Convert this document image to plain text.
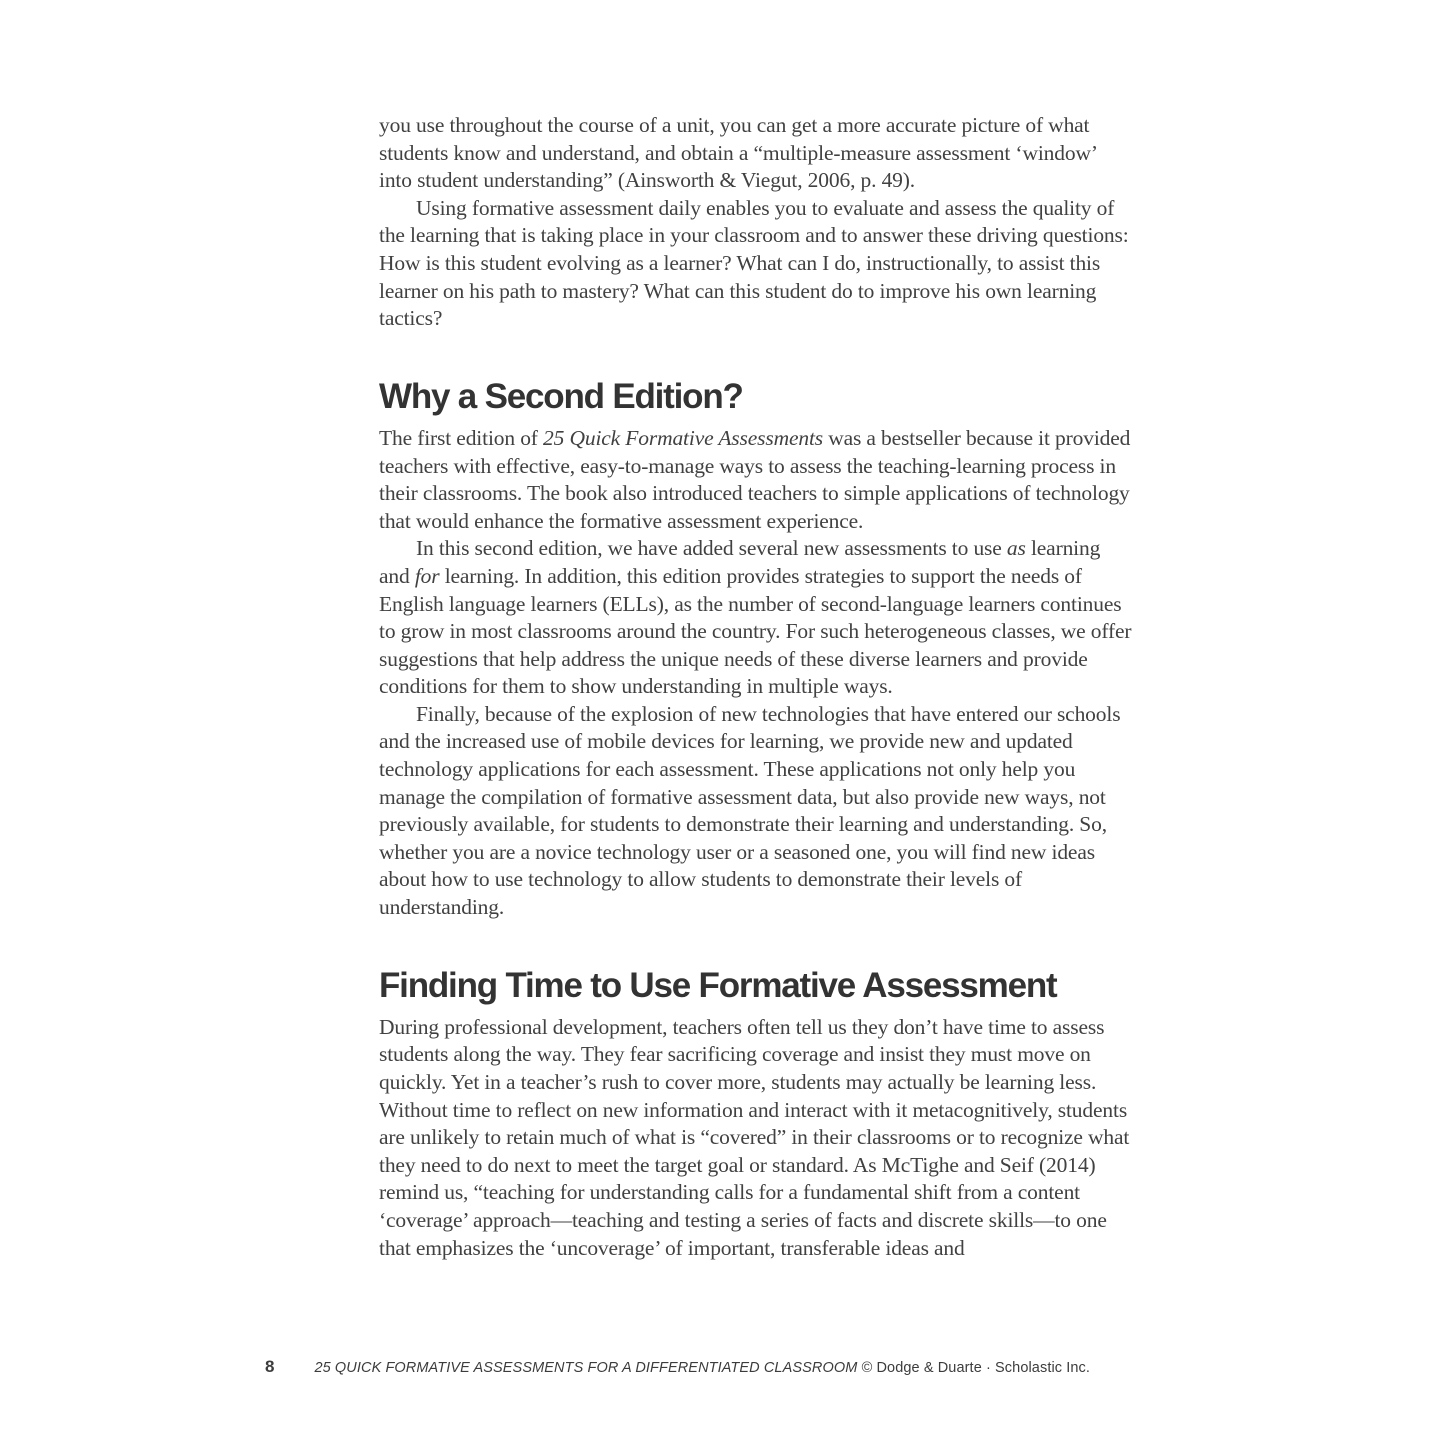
you use throughout the course of a unit, you can get a more accurate picture of what students know and understand, and obtain a “multiple-measure assessment ‘window’ into student understanding” (Ainsworth & Viegut, 2006, p. 49).

Using formative assessment daily enables you to evaluate and assess the quality of the learning that is taking place in your classroom and to answer these driving questions: How is this student evolving as a learner? What can I do, instructionally, to assist this learner on his path to mastery? What can this student do to improve his own learning tactics?

Why a Second Edition?

The first edition of 25 Quick Formative Assessments was a bestseller because it provided teachers with effective, easy-to-manage ways to assess the teaching-learning process in their classrooms. The book also introduced teachers to simple applications of technology that would enhance the formative assessment experience.

In this second edition, we have added several new assessments to use as learning and for learning. In addition, this edition provides strategies to support the needs of English language learners (ELLs), as the number of second-language learners continues to grow in most classrooms around the country. For such heterogeneous classes, we offer suggestions that help address the unique needs of these diverse learners and provide conditions for them to show understanding in multiple ways.

Finally, because of the explosion of new technologies that have entered our schools and the increased use of mobile devices for learning, we provide new and updated technology applications for each assessment. These applications not only help you manage the compilation of formative assessment data, but also provide new ways, not previously available, for students to demonstrate their learning and understanding. So, whether you are a novice technology user or a seasoned one, you will find new ideas about how to use technology to allow students to demonstrate their levels of understanding.

Finding Time to Use Formative Assessment

During professional development, teachers often tell us they don’t have time to assess students along the way. They fear sacrificing coverage and insist they must move on quickly. Yet in a teacher’s rush to cover more, students may actually be learning less. Without time to reflect on new information and interact with it metacognitively, students are unlikely to retain much of what is “covered” in their classrooms or to recognize what they need to do next to meet the target goal or standard. As McTighe and Seif (2014) remind us, “teaching for understanding calls for a fundamental shift from a content ‘coverage’ approach—teaching and testing a series of facts and discrete skills—to one that emphasizes the ‘uncoverage’ of important, transferable ideas and

8	25 QUICK FORMATIVE ASSESSMENTS FOR A DIFFERENTIATED CLASSROOM © Dodge & Duarte · Scholastic Inc.
